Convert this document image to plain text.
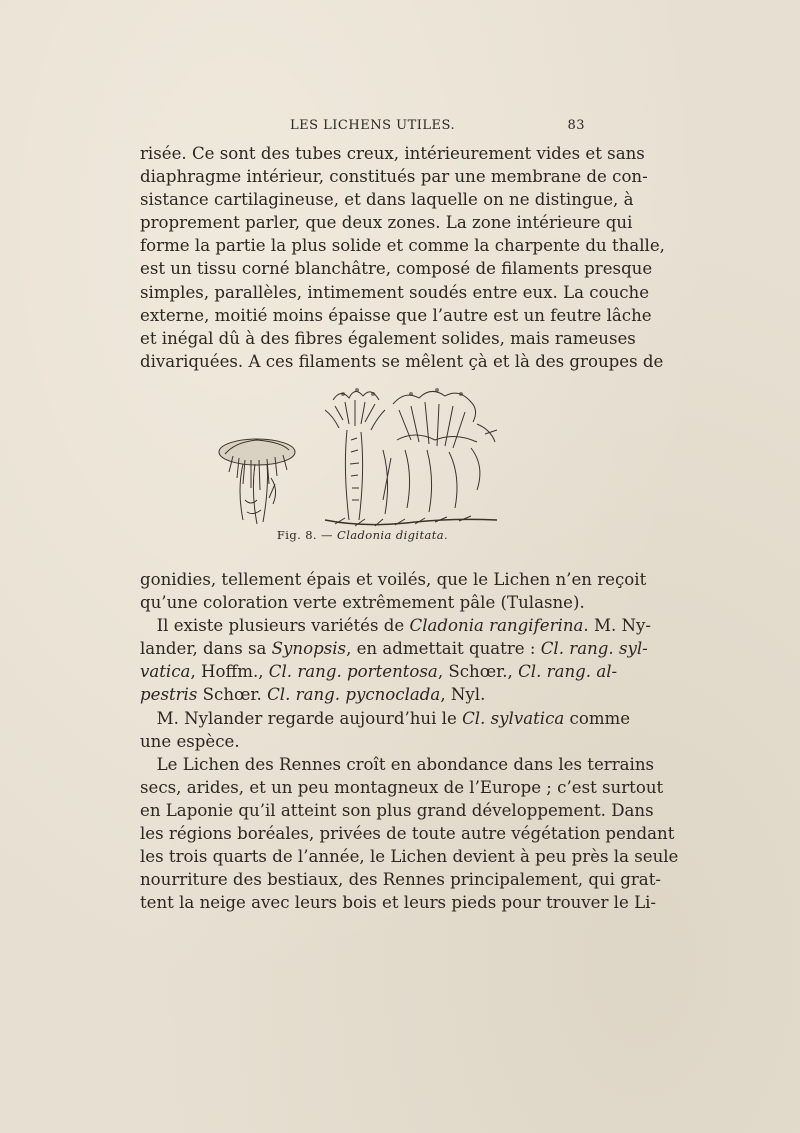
LES LICHENS UTILES.	83
risée. Ce sont des tubes creux, intérieurement vides et sans
diaphragme intérieur, constitués par une membrane de con-
sistance cartilagineuse, et dans laquelle on ne distingue, à
proprement parler, que deux zones. La zone intérieure qui
forme la partie la plus solide et comme la charpente du thalle,
est un tissu corné blanchâtre, composé de filaments presque
simples, parallèles, intimement soudés entre eux. La couche
externe, moitié moins épaisse que l’autre est un feutre lâche
et inégal dû à des fibres également solides, mais rameuses
divariquées. A ces filaments se mêlent çà et là des groupes de
Fig. 8. — Cladonia digitata.
gonidies, tellement épais et voilés, que le Lichen n’en reçoit
qu’une coloration verte extrêmement pâle (Tulasne).
 Il existe plusieurs variétés de Cladonia rangiferina. M. Ny-
lander, dans sa Synopsis, en admettait quatre : Cl. rang. syl-
vatica, Hoffm., Cl. rang. portentosa, Schœr., Cl. rang. al-
pestris Schœr. Cl. rang. pycnoclada, Nyl.
 M. Nylander regarde aujourd’hui le Cl. sylvatica comme
une espèce.
 Le Lichen des Rennes croît en abondance dans les terrains
secs, arides, et un peu montagneux de l’Europe ; c’est surtout
en Laponie qu’il atteint son plus grand développement. Dans
les régions boréales, privées de toute autre végétation pendant
les trois quarts de l’année, le Lichen devient à peu près la seule
nourriture des bestiaux, des Rennes principalement, qui grat-
tent la neige avec leurs bois et leurs pieds pour trouver le Li-
